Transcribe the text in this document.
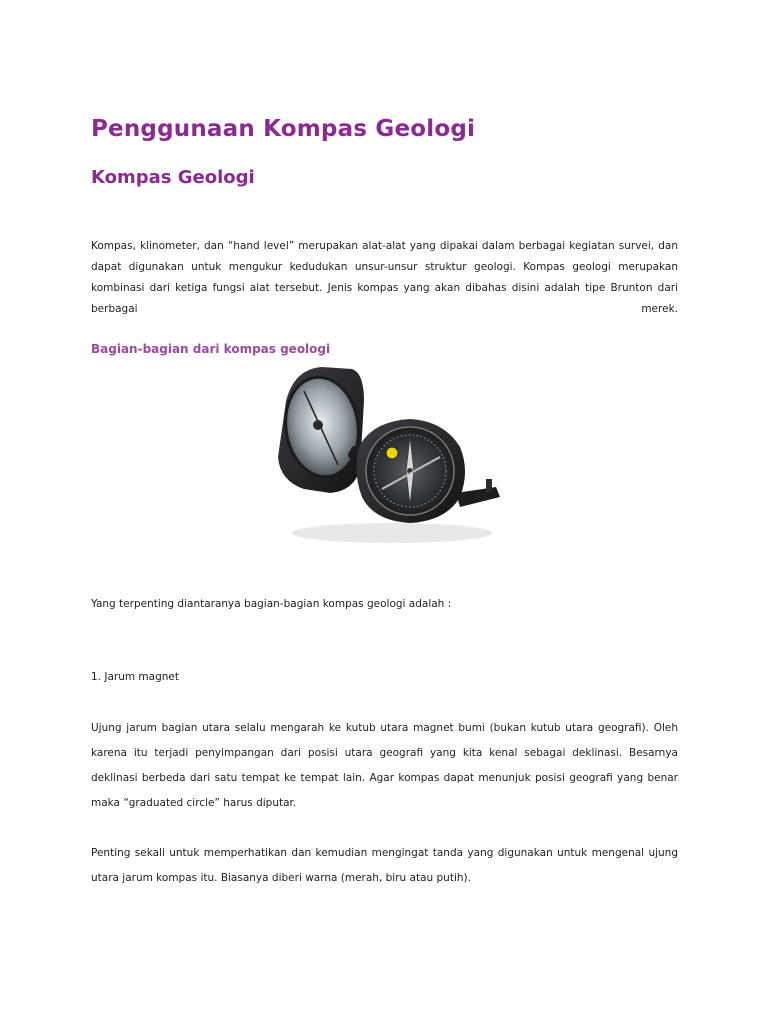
Penggunaan Kompas Geologi
Kompas Geologi
Kompas, klinometer, dan “hand level” merupakan alat-alat yang dipakai dalam berbagai kegiatan survei, dan
dapat digunakan untuk mengukur kedudukan unsur-unsur struktur geologi. Kompas geologi merupakan
kombinasi dari ketiga fungsi alat tersebut. Jenis kompas yang akan dibahas disini adalah tipe Brunton dari
berbagai merek.
Bagian-bagian dari kompas geologi

Yang terpenting diantaranya bagian-bagian kompas geologi adalah :

1. Jarum magnet

Ujung jarum bagian utara selalu mengarah ke kutub utara magnet bumi (bukan kutub utara geografi). Oleh
karena itu terjadi penyimpangan dari posisi utara geografi yang kita kenal sebagai deklinasi. Besarnya
deklinasi berbeda dari satu tempat ke tempat lain. Agar kompas dapat menunjuk posisi geografi yang benar
maka “graduated circle” harus diputar.
Penting sekali untuk memperhatikan dan kemudian mengingat tanda yang digunakan untuk mengenal ujung
utara jarum kompas itu. Biasanya diberi warna (merah, biru atau putih).
